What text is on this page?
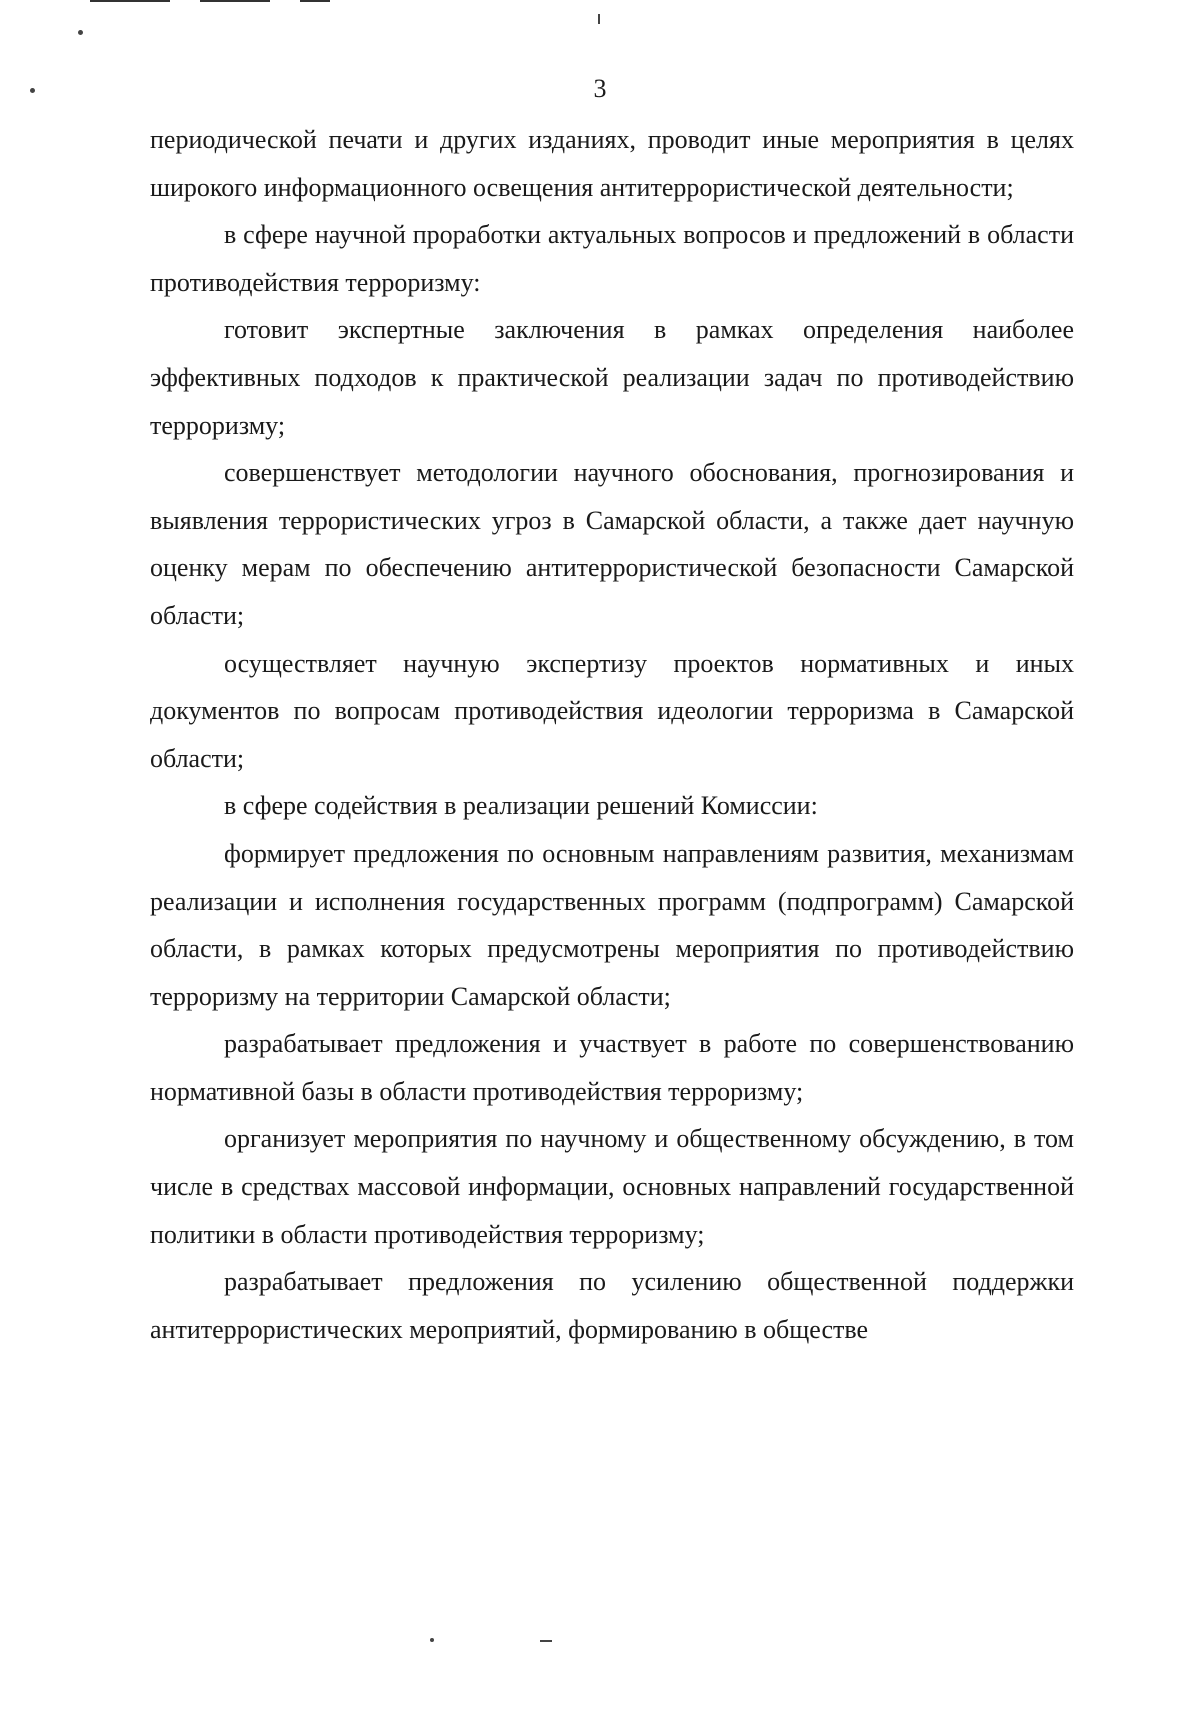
3

периодической печати и других изданиях, проводит иные мероприятия в целях широкого информационного освещения антитеррористической деятельности;

в сфере научной проработки актуальных вопросов и предложений в области противодействия терроризму:

готовит экспертные заключения в рамках определения наиболее эффективных подходов к практической реализации задач по противодействию терроризму;

совершенствует методологии научного обоснования, прогнозирования и выявления террористических угроз в Самарской области, а также дает научную оценку мерам по обеспечению антитеррористической безопасности Самарской области;

осуществляет научную экспертизу проектов нормативных и иных документов по вопросам противодействия идеологии терроризма в Самарской области;

в сфере содействия в реализации решений Комиссии:

формирует предложения по основным направлениям развития, механизмам реализации и исполнения государственных программ (подпрограмм) Самарской области, в рамках которых предусмотрены мероприятия по противодействию терроризму на территории Самарской области;

разрабатывает предложения и участвует в работе по совершенствованию нормативной базы в области противодействия терроризму;

организует мероприятия по научному и общественному обсуждению, в том числе в средствах массовой информации, основных направлений государственной политики в области противодействия терроризму;

разрабатывает предложения по усилению общественной поддержки антитеррористических мероприятий, формированию в обществе
